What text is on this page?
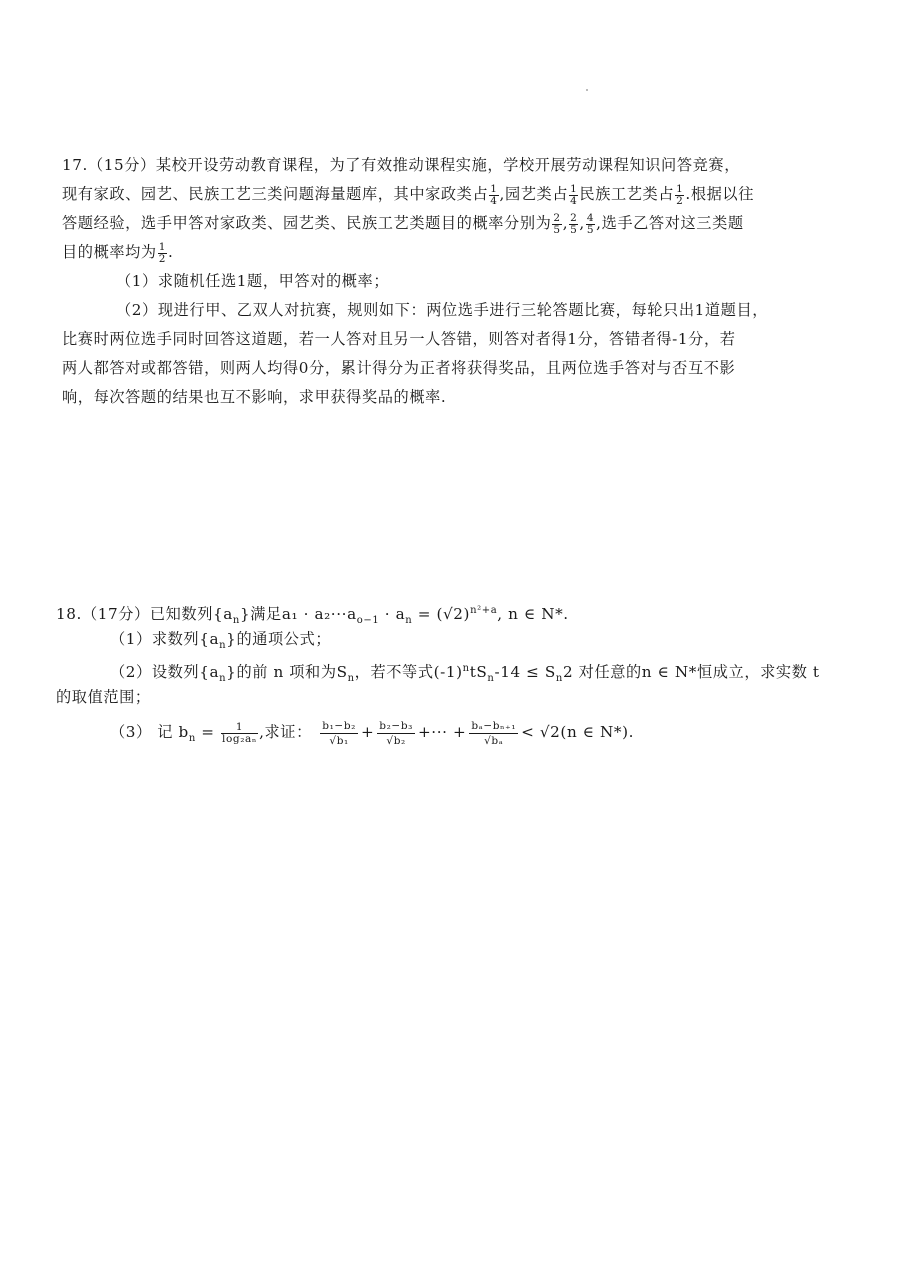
17.（15分）某校开设劳动教育课程，为了有效推动课程实施，学校开展劳动课程知识问答竞赛，
现有家政、园艺、民族工艺三类问题海量题库，其中家政类占 $\frac{1}{4}$ ,园艺类占 $\frac{1}{4}$ 民族工艺类占 $\frac{1}{2}$ .根据以往
答题经验，选手甲答对家政类、园艺类、民族工艺类题目的概率分别为 $\frac{2}{5}$ , $\frac{2}{5}$ , $\frac{4}{5}$ ,选手乙答对这三类题
目的概率均为 $\frac{1}{2}$ .
（1）求随机任选1题，甲答对的概率；
（2）现进行甲、乙双人对抗赛，规则如下：两位选手进行三轮答题比赛，每轮只出1道题目，
比赛时两位选手同时回答这道题，若一人答对且另一人答错，则答对者得1分，答错者得-1分，若
两人都答对或都答错，则两人均得0分，累计得分为正者将获得奖品，且两位选手答对与否互不影
响，每次答题的结果也互不影响，求甲获得奖品的概率.
18.（17分）已知数列$\{a_n\}$满足$a_1 \cdot a_2\cdot\cdot\cdot a_{o-1} \cdot a_n = (√2)^{n^2+a}$, n ∈ N*.
（1）求数列$\{a_n\}$的通项公式；
（2）设数列$\{a_n\}$的前 n 项和为$S_n$，若不等式$(-1)^ntS_n-14 \le S_n2$ 对任意的n ∈ N*恒成立，求实数 t
的取值范围；
（3） 记 $b_n = \frac{1}{\text{log₂aₙ}}$ ,求证： $\frac{\text{b₁−b₂}}{\text{√b₁}} + \frac{\text{b₂−b₃}}{\text{√b₂}}$ +··· + $\frac{\text{bₐ−bₙ₊₁}}{\text{√bₐ}} < √2(n$ ∈ N*).
